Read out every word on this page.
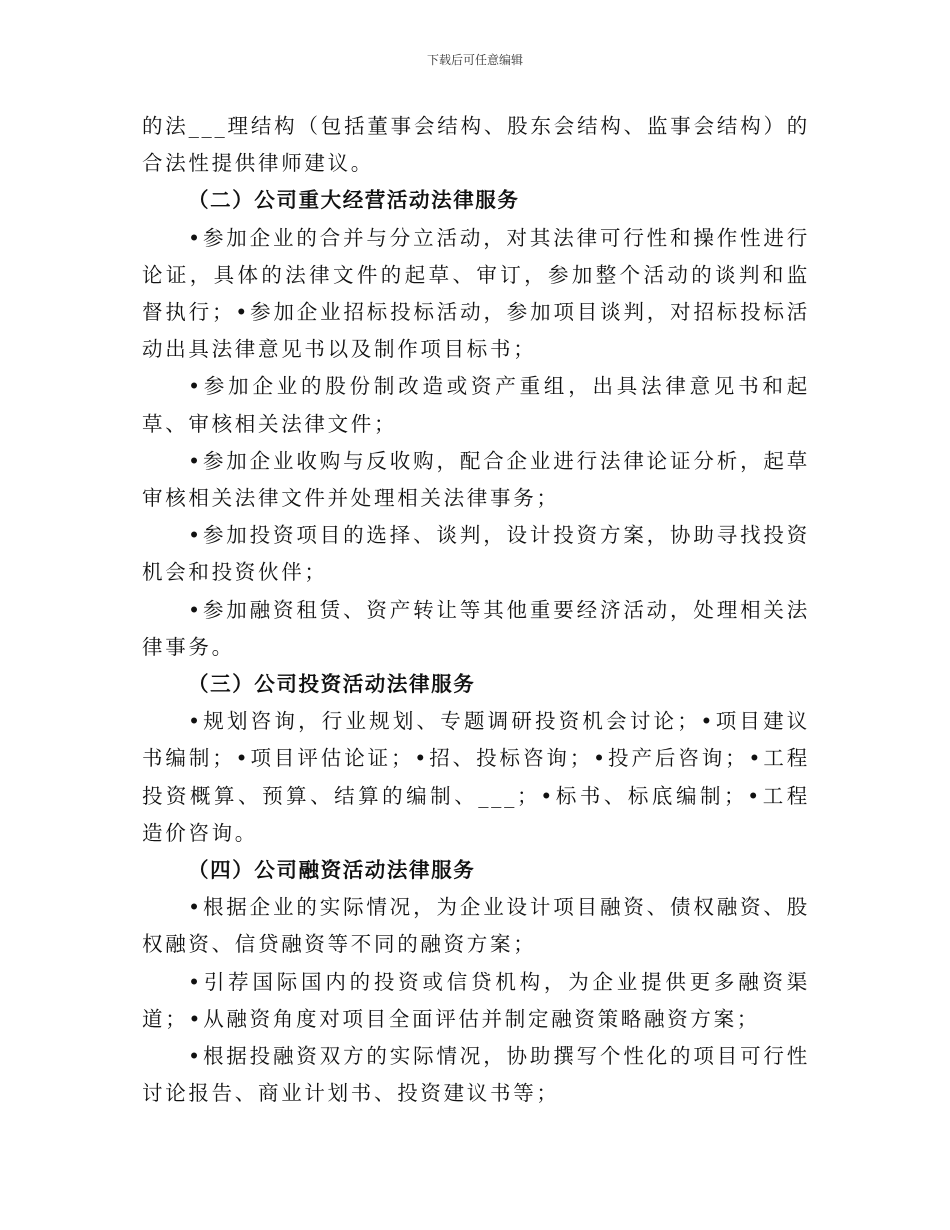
下载后可任意编辑

的法___理结构（包括董事会结构、股东会结构、监事会结构）的合法性提供律师建议。

（二）公司重大经营活动法律服务

•参加企业的合并与分立活动，对其法律可行性和操作性进行论证，具体的法律文件的起草、审订，参加整个活动的谈判和监督执行；•参加企业招标投标活动，参加项目谈判，对招标投标活动出具法律意见书以及制作项目标书；

•参加企业的股份制改造或资产重组，出具法律意见书和起草、审核相关法律文件；

•参加企业收购与反收购，配合企业进行法律论证分析，起草审核相关法律文件并处理相关法律事务；

•参加投资项目的选择、谈判，设计投资方案，协助寻找投资机会和投资伙伴；

•参加融资租赁、资产转让等其他重要经济活动，处理相关法律事务。

（三）公司投资活动法律服务

•规划咨询，行业规划、专题调研投资机会讨论；•项目建议书编制；•项目评估论证；•招、投标咨询；•投产后咨询；•工程投资概算、预算、结算的编制、___；•标书、标底编制；•工程造价咨询。

（四）公司融资活动法律服务

•根据企业的实际情况，为企业设计项目融资、债权融资、股权融资、信贷融资等不同的融资方案；

•引荐国际国内的投资或信贷机构，为企业提供更多融资渠道；•从融资角度对项目全面评估并制定融资策略融资方案；

•根据投融资双方的实际情况，协助撰写个性化的项目可行性讨论报告、商业计划书、投资建议书等；
